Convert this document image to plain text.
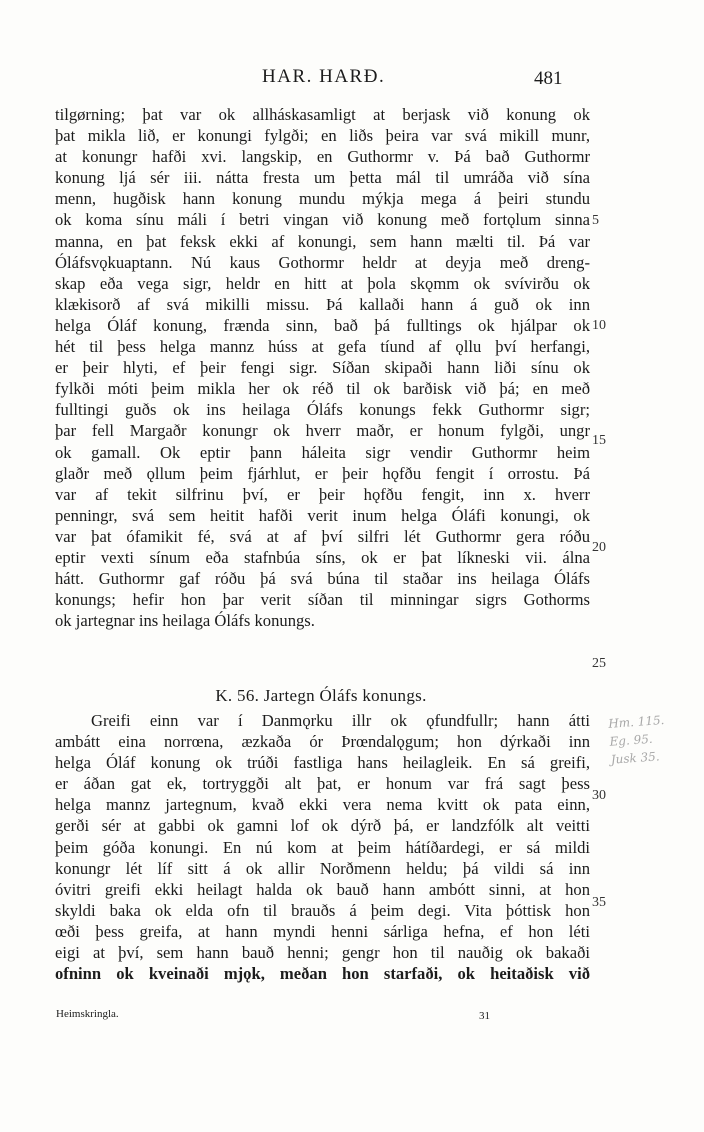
HAR. HARÐ.	481
tilgørning; þat var ok allháskasamligt at berjask við konung ok
þat mikla lið, er konungi fylgði; en liðs þeira var svá mikill munr,
at konungr hafði xvi. langskip, en Guthormr v. Þá bað Guthormr
konung ljá sér iii. nátta fresta um þetta mál til umráða við sína
menn, hugðisk hann konung mundu mýkja mega á þeiri stundu
ok koma sínu máli í betri vingan við konung með fortǫlum sinna
manna, en þat feksk ekki af konungi, sem hann mælti til. Þá var
Óláfsvǫkuaptann. Nú kaus Gothormr heldr at deyja með dreng-
skap eða vega sigr, heldr en hitt at þola skǫmm ok svívirðu ok
klækisorð af svá mikilli missu. Þá kallaði hann á guð ok inn
helga Óláf konung, frænda sinn, bað þá fulltings ok hjálpar ok
hét til þess helga mannz húss at gefa tíund af ǫllu því herfangi,
er þeir hlyti, ef þeir fengi sigr. Síðan skipaði hann liði sínu ok
fylkði móti þeim mikla her ok réð til ok barðisk við þá; en með
fulltingi guðs ok ins heilaga Óláfs konungs fekk Guthormr sigr;
þar fell Margaðr konungr ok hverr maðr, er honum fylgði, ungr
ok gamall. Ok eptir þann háleita sigr vendir Guthormr heim
glaðr með ǫllum þeim fjárhlut, er þeir hǫfðu fengit í orrostu. Þá
var af tekit silfrinu því, er þeir hǫfðu fengit, inn x. hverr
penningr, svá sem heitit hafði verit inum helga Óláfi konungi, ok
var þat ófamikit fé, svá at af því silfri lét Guthormr gera róðu
eptir vexti sínum eða stafnbúa síns, ok er þat líkneski vii. álna
hátt. Guthormr gaf róðu þá svá búna til staðar ins heilaga Óláfs
konungs; hefir hon þar verit síðan til minningar sigrs Gothorms
ok jartegnar ins heilaga Óláfs konungs.
K. 56. Jartegn Óláfs konungs.
Greifi einn var í Danmǫrku illr ok ǫfundfullr; hann átti
ambátt eina norrœna, æzkaða ór Þrœndalǫgum; hon dýrkaði inn
helga Óláf konung ok trúði fastliga hans heilagleik. En sá greifi,
er áðan gat ek, tortryggði alt þat, er honum var frá sagt þess
helga mannz jartegnum, kvað ekki vera nema kvitt ok pata einn,
gerði sér at gabbi ok gamni lof ok dýrð þá, er landzfólk alt veitti
þeim góða konungi. En nú kom at þeim hátíðardegi, er sá mildi
konungr lét líf sitt á ok allir Norðmenn heldu; þá vildi sá inn
óvitri greifi ekki heilagt halda ok bauð hann ambótt sinni, at hon
skyldi baka ok elda ofn til brauðs á þeim degi. Vita þóttisk hon
œði þess greifa, at hann myndi henni sárliga hefna, ef hon léti
eigi at því, sem hann bauð henni; gengr hon til nauðig ok bakaði
ofninn ok kveinaði mjǫk, meðan hon starfaði, ok heitaðisk við
5
10
15
20
25
30
35
Hm. 115.
Eg. 95.
Jusk 35.
Heimskringla.	31
